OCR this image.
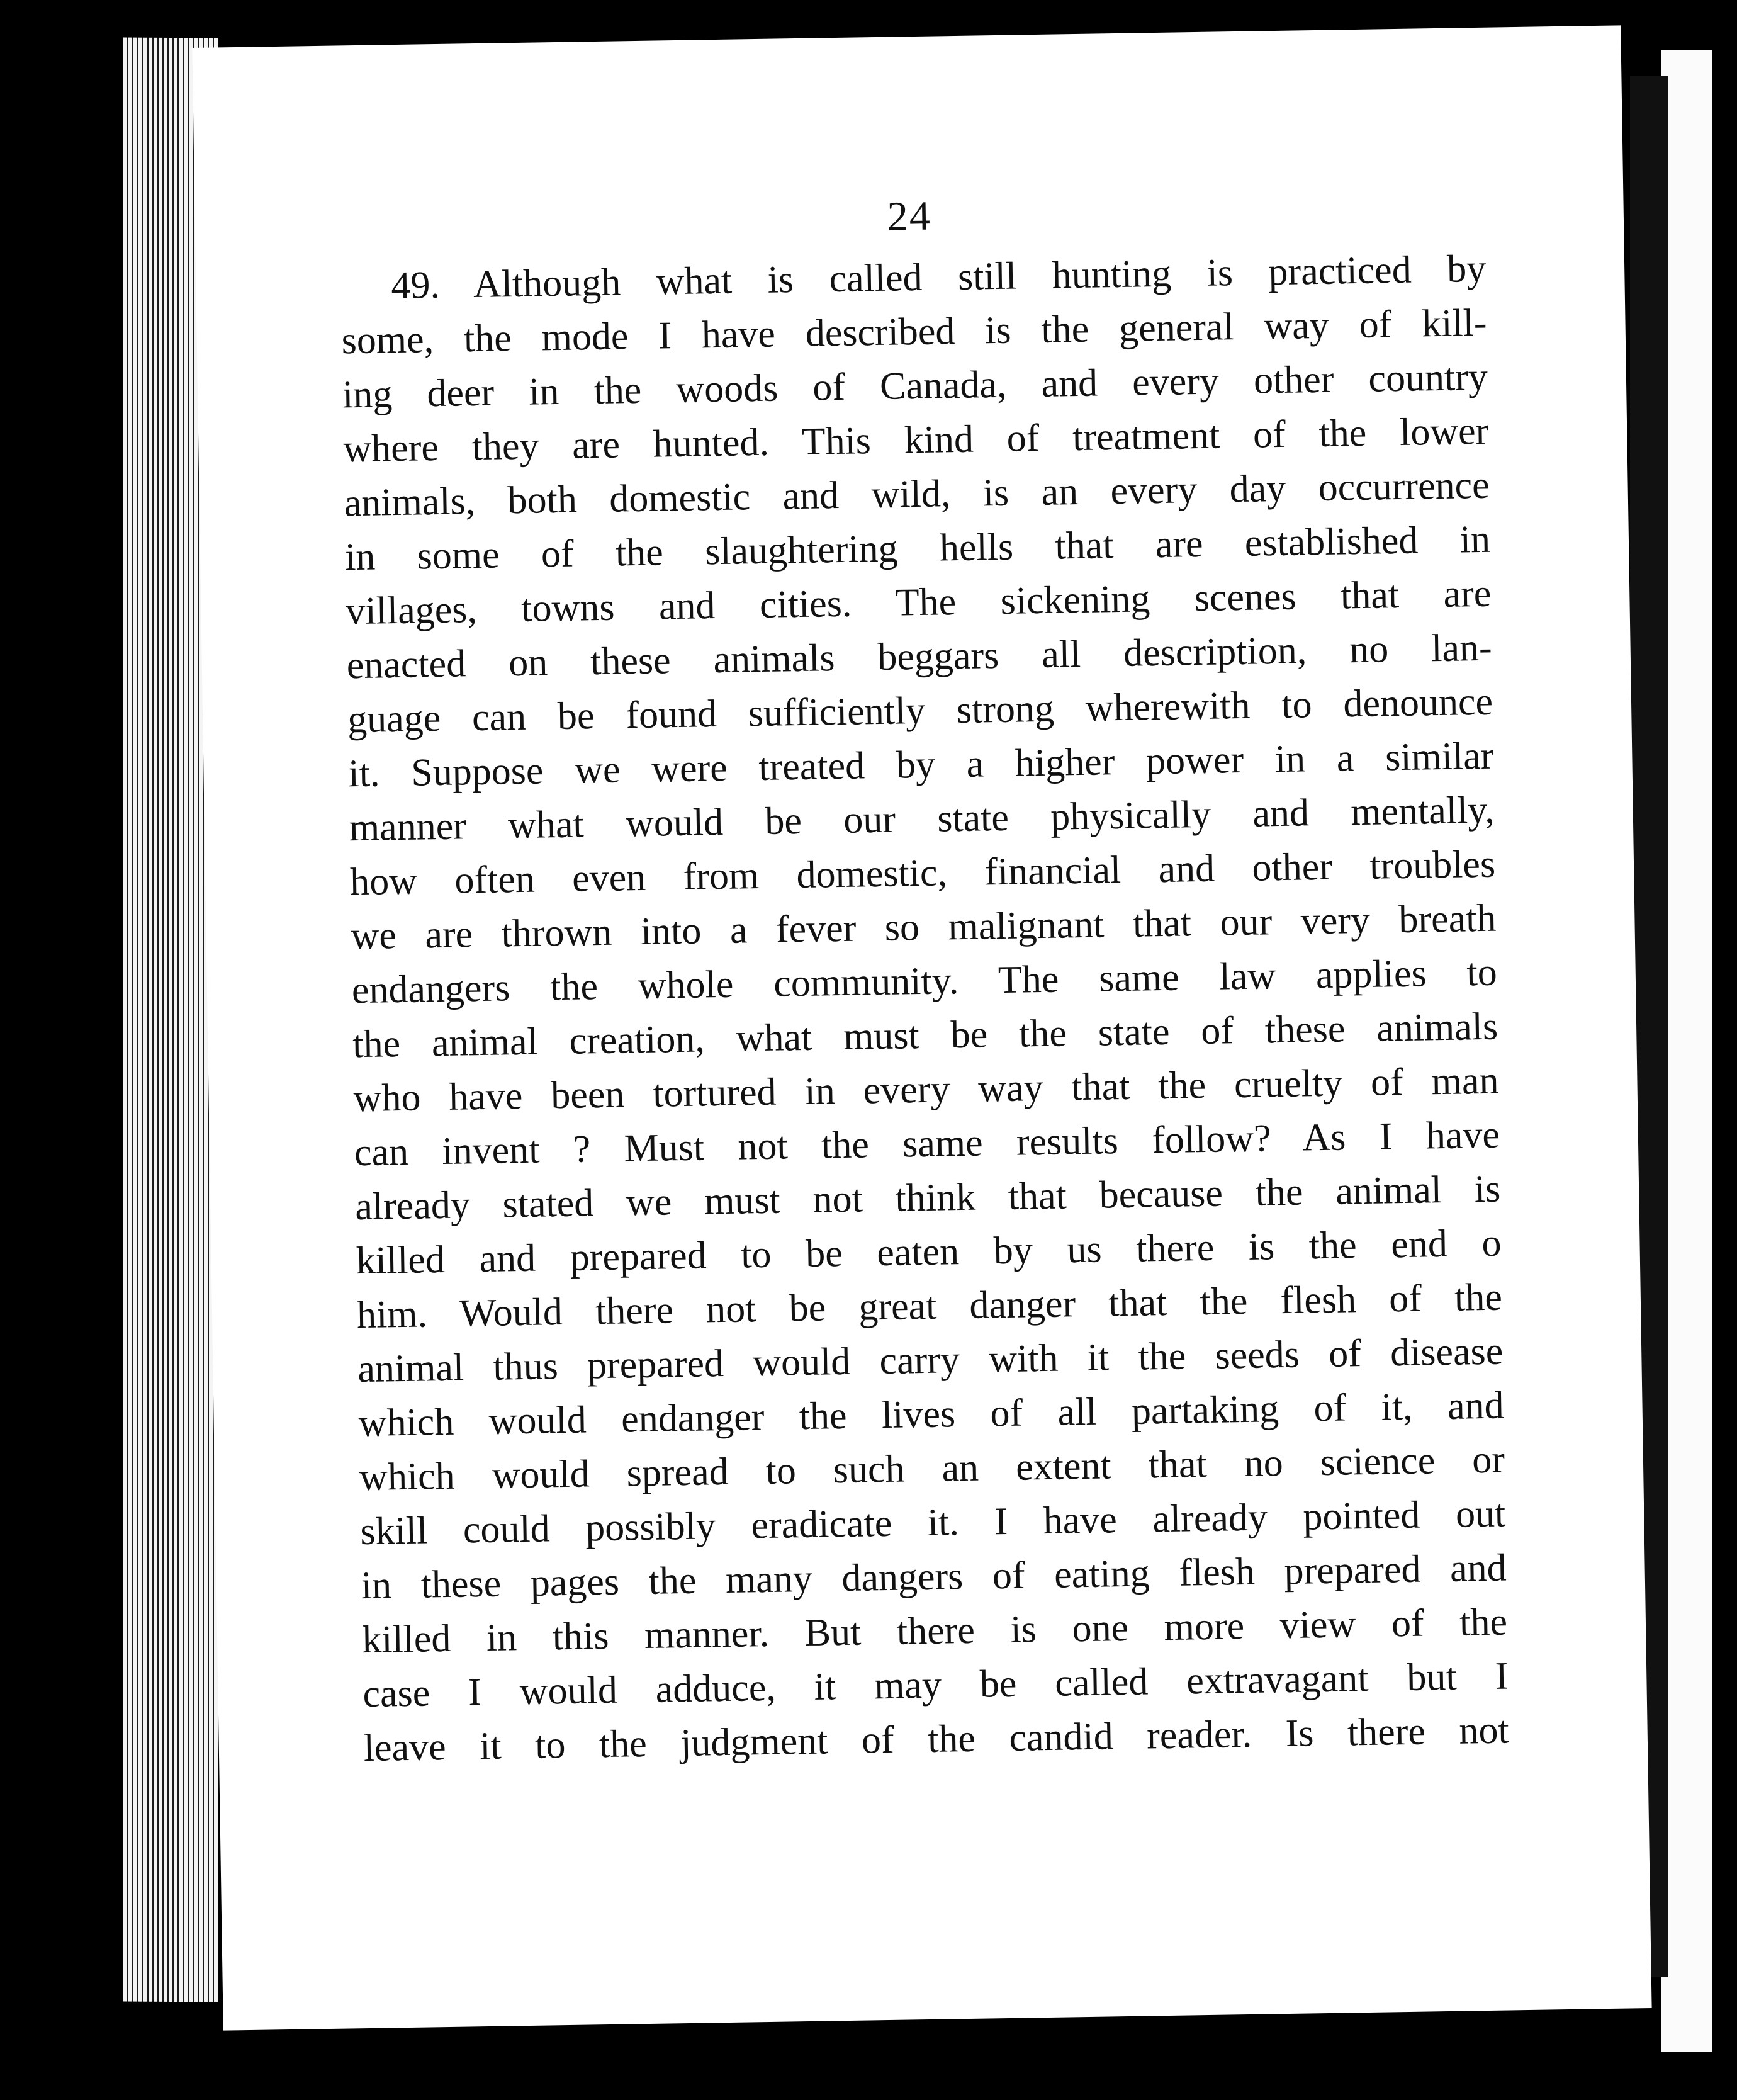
24
49. Although what is called still hunting is practiced by
some, the mode I have described is the general way of kill-
ing deer in the woods of Canada, and every other country
where they are hunted. This kind of treatment of the lower
animals, both domestic and wild, is an every day occurrence
in some of the slaughtering hells that are established in
villages, towns and cities. The sickening scenes that are
enacted on these animals beggars all description, no lan-
guage can be found sufficiently strong wherewith to denounce
it. Suppose we were treated by a higher power in a similar
manner what would be our state physically and mentally,
how often even from domestic, financial and other troubles
we are thrown into a fever so malignant that our very breath
endangers the whole community. The same law applies to
the animal creation, what must be the state of these animals
who have been tortured in every way that the cruelty of man
can invent ? Must not the same results follow? As I have
already stated we must not think that because the animal is
killed and prepared to be eaten by us there is the end o
him. Would there not be great danger that the flesh of the
animal thus prepared would carry with it the seeds of disease
which would endanger the lives of all partaking of it, and
which would spread to such an extent that no science or
skill could possibly eradicate it. I have already pointed out
in these pages the many dangers of eating flesh prepared and
killed in this manner. But there is one more view of the
case I would adduce, it may be called extravagant but I
leave it to the judgment of the candid reader. Is there not
